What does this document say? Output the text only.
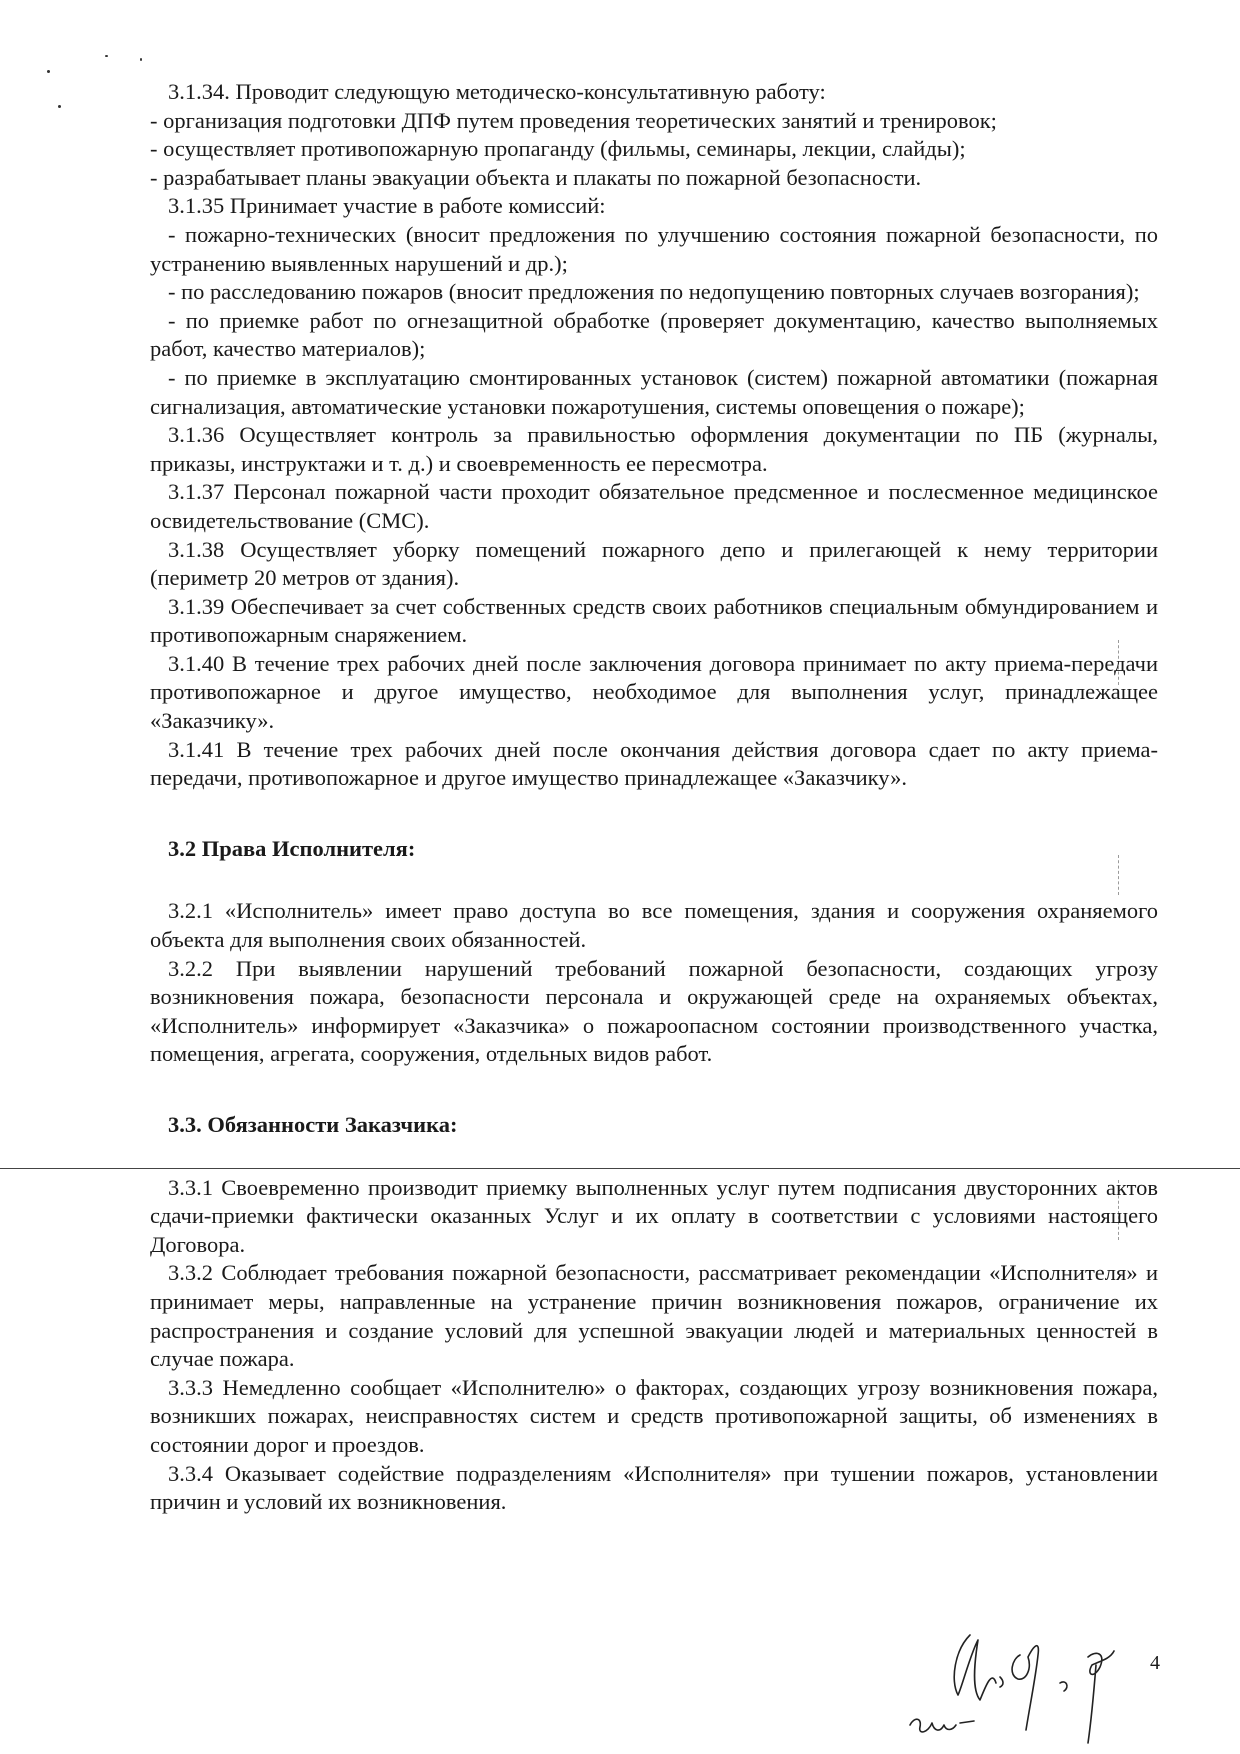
3.1.34. Проводит следующую методическо-консультативную работу:

- организация подготовки ДПФ путем проведения теоретических занятий и тренировок;

- осуществляет противопожарную пропаганду (фильмы, семинары, лекции, слайды);

- разрабатывает планы эвакуации объекта и плакаты по пожарной безопасности.

3.1.35 Принимает участие в работе комиссий:

- пожарно-технических (вносит предложения по улучшению состояния пожарной безопасности, по устранению выявленных нарушений и др.);

- по расследованию пожаров (вносит предложения по недопущению повторных случаев возгорания);

- по приемке работ по огнезащитной обработке (проверяет документацию, качество выполняемых работ, качество материалов);

- по приемке в эксплуатацию смонтированных установок (систем) пожарной автоматики (пожарная сигнализация, автоматические установки пожаротушения, системы оповещения о пожаре);

3.1.36 Осуществляет контроль за правильностью оформления документации по ПБ (журналы, приказы, инструктажи и т. д.) и своевременность ее пересмотра.

3.1.37 Персонал пожарной части проходит обязательное предсменное и послесменное медицинское освидетельствование (СМС).

3.1.38 Осуществляет уборку помещений пожарного депо и прилегающей к нему территории (периметр 20 метров от здания).

3.1.39 Обеспечивает за счет собственных средств своих работников специальным обмундированием и противопожарным снаряжением.

3.1.40 В течение трех рабочих дней после заключения договора принимает по акту приема-передачи противопожарное и другое имущество, необходимое для выполнения услуг, принадлежащее «Заказчику».

3.1.41 В течение трех рабочих дней после окончания действия договора сдает по акту приема-передачи, противопожарное и другое имущество принадлежащее «Заказчику».

3.2 Права Исполнителя:

3.2.1 «Исполнитель» имеет право доступа во все помещения, здания и сооружения охраняемого объекта для выполнения своих обязанностей.

3.2.2 При выявлении нарушений требований пожарной безопасности, создающих угрозу возникновения пожара, безопасности персонала и окружающей среде на охраняемых объектах, «Исполнитель» информирует «Заказчика» о пожароопасном состоянии производственного участка, помещения, агрегата, сооружения, отдельных видов работ.

3.3. Обязанности Заказчика:

3.3.1 Своевременно производит приемку выполненных услуг путем подписания двусторонних актов сдачи-приемки фактически оказанных Услуг и их оплату в соответствии с условиями настоящего Договора.

3.3.2 Соблюдает требования пожарной безопасности, рассматривает рекомендации «Исполнителя» и принимает меры, направленные на устранение причин возникновения пожаров, ограничение их распространения и создание условий для успешной эвакуации людей и материальных ценностей в случае пожара.

3.3.3 Немедленно сообщает «Исполнителю» о факторах, создающих угрозу возникновения пожара, возникших пожарах, неисправностях систем и средств противопожарной защиты, об изменениях в состоянии дорог и проездов.

3.3.4 Оказывает содействие подразделениям «Исполнителя» при тушении пожаров, установлении причин и условий их возникновения.

4
